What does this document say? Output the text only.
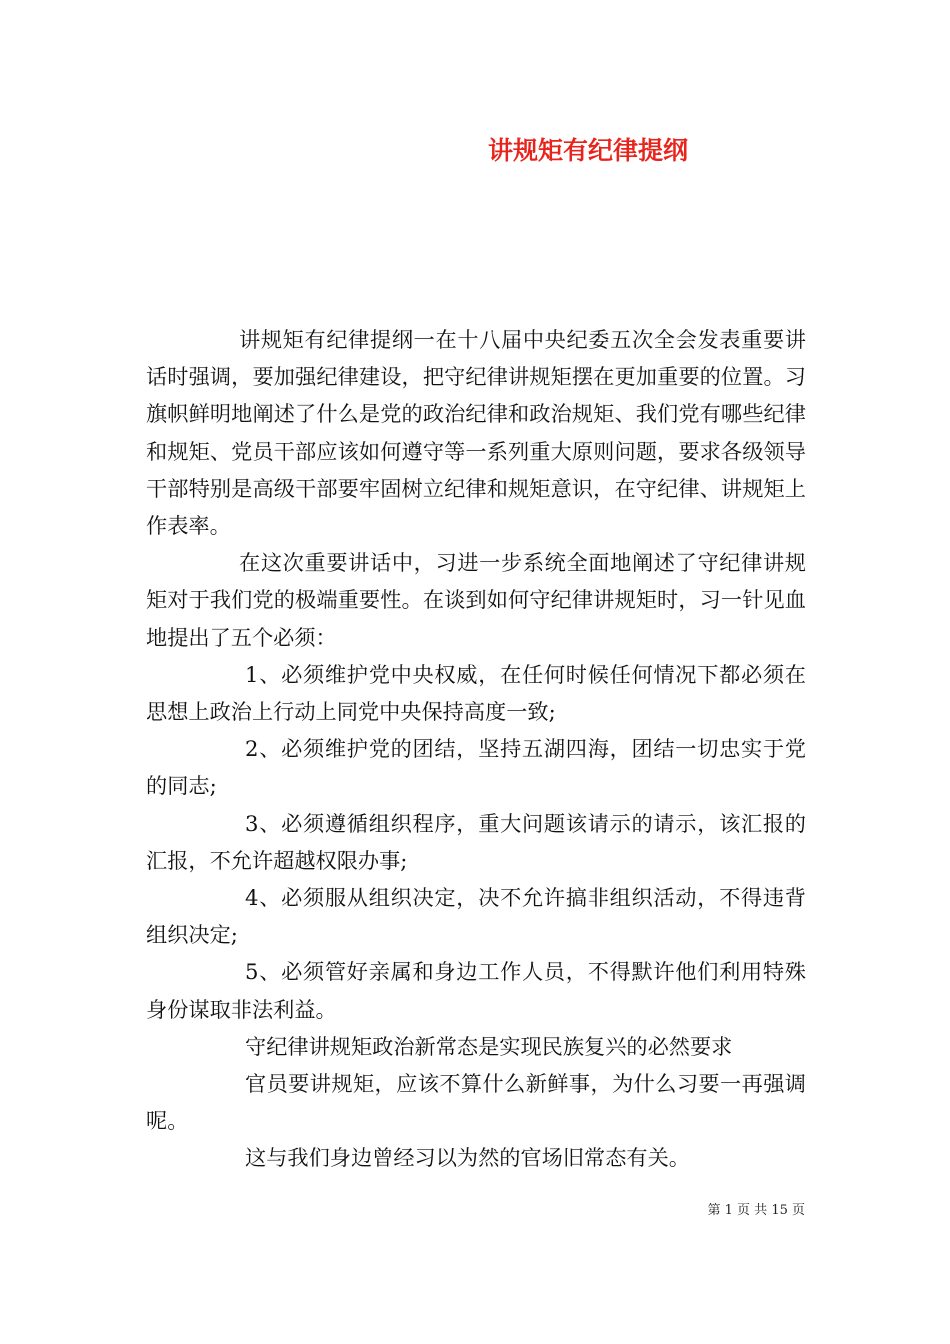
讲规矩有纪律提纲

讲规矩有纪律提纲一在十八届中央纪委五次全会发表重要讲话时强调，要加强纪律建设，把守纪律讲规矩摆在更加重要的位置。习旗帜鲜明地阐述了什么是党的政治纪律和政治规矩、我们党有哪些纪律和规矩、党员干部应该如何遵守等一系列重大原则问题，要求各级领导干部特别是高级干部要牢固树立纪律和规矩意识，在守纪律、讲规矩上作表率。

在这次重要讲话中，习进一步系统全面地阐述了守纪律讲规矩对于我们党的极端重要性。在谈到如何守纪律讲规矩时，习一针见血地提出了五个必须：

1、必须维护党中央权威，在任何时候任何情况下都必须在思想上政治上行动上同党中央保持高度一致;

2、必须维护党的团结，坚持五湖四海，团结一切忠实于党的同志;

3、必须遵循组织程序，重大问题该请示的请示，该汇报的汇报，不允许超越权限办事;

4、必须服从组织决定，决不允许搞非组织活动，不得违背组织决定;

5、必须管好亲属和身边工作人员，不得默许他们利用特殊身份谋取非法利益。

守纪律讲规矩政治新常态是实现民族复兴的必然要求

官员要讲规矩，应该不算什么新鲜事，为什么习要一再强调呢。

这与我们身边曾经习以为然的官场旧常态有关。

第 1 页 共 15 页
